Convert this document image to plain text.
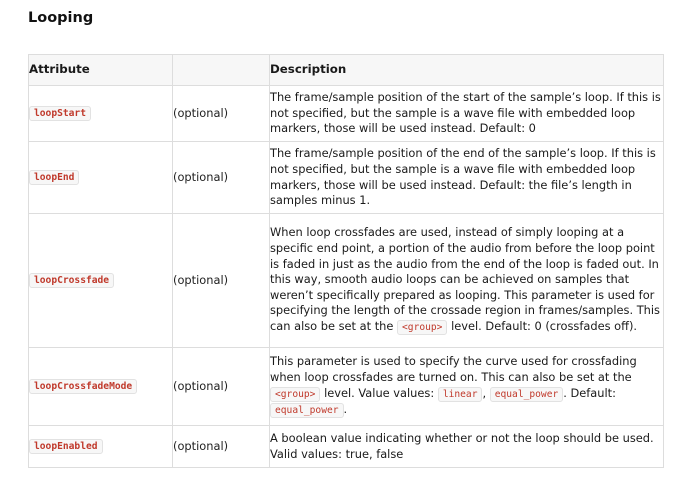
Looping
Attribute		Description
loopStart	(optional)	The frame/sample position of the start of the sample’s loop. If this is not specified, but the sample is a wave file with embedded loop markers, those will be used instead. Default: 0
loopEnd	(optional)	The frame/sample position of the end of the sample’s loop. If this is not specified, but the sample is a wave file with embedded loop markers, those will be used instead. Default: the file’s length in samples minus 1.
loopCrossfade	(optional)	When loop crossfades are used, instead of simply looping at a specific end point, a portion of the audio from before the loop point is faded in just as the audio from the end of the loop is faded out. In this way, smooth audio loops can be achieved on samples that weren’t specifically prepared as looping. This parameter is used for specifying the length of the crossade region in frames/samples. This can also be set at the <group> level. Default: 0 (crossfades off).
loopCrossfadeMode	(optional)	This parameter is used to specify the curve used for crossfading when loop crossfades are turned on. This can also be set at the <group> level. Value values: linear , equal_power . Default: equal_power .
loopEnabled	(optional)	A boolean value indicating whether or not the loop should be used. Valid values: true, false
